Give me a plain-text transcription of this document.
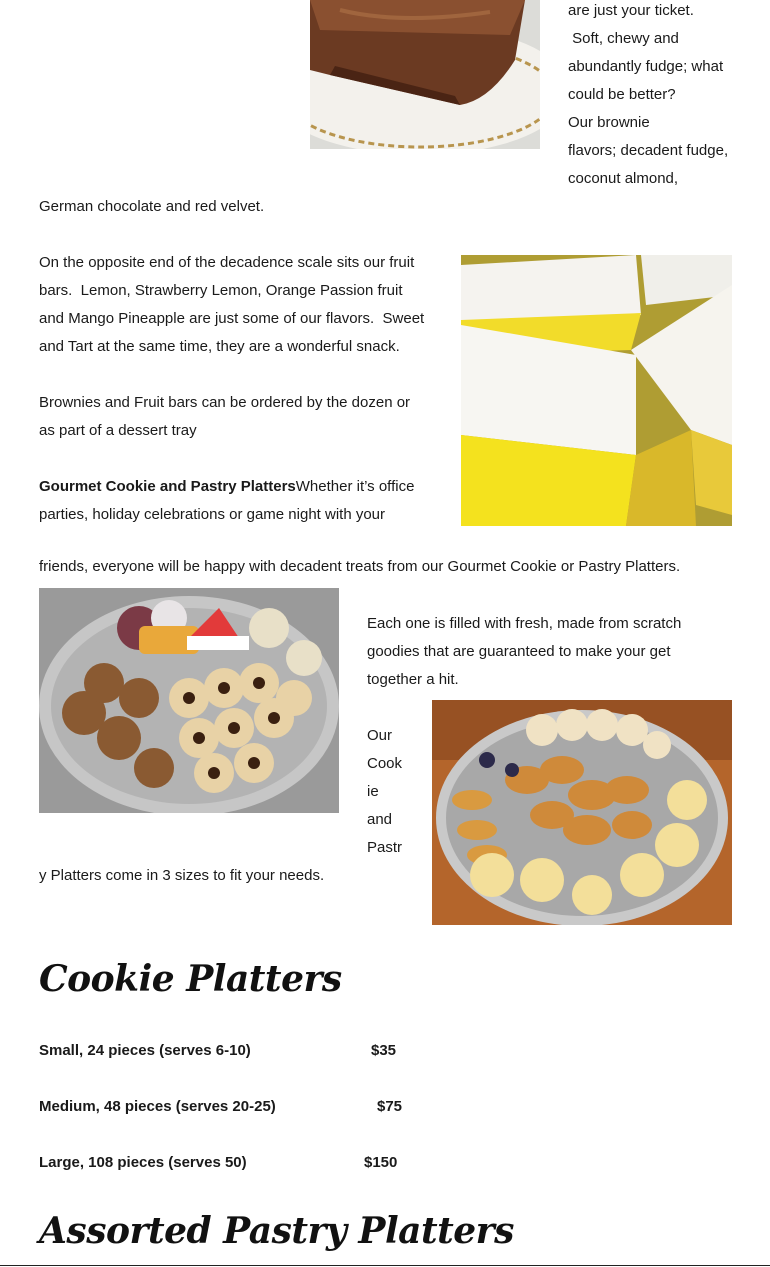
are just your ticket.
Soft, chewy and
abundantly fudge; what
could be better?
Our brownie
flavors; decadent fudge,
coconut almond,
German chocolate and red velvet.
On the opposite end of the decadence scale sits our fruit
bars.  Lemon, Strawberry Lemon, Orange Passion fruit
and Mango Pineapple are just some of our flavors.  Sweet
and Tart at the same time, they are a wonderful snack.
Brownies and Fruit bars can be ordered by the dozen or
as part of a dessert tray
Gourmet Cookie and Pastry PlattersWhether it’s office
parties, holiday celebrations or game night with your
friends, everyone will be happy with decadent treats from our Gourmet Cookie or Pastry Platters.
Each one is filled with fresh, made from scratch
goodies that are guaranteed to make your get
together a hit.
Our
Cook
ie
and
Pastr
y Platters come in 3 sizes to fit your needs.
Cookie Platters
Small, 24 pieces (serves 6-10)	$35
Medium, 48 pieces (serves 20-25)	$75
Large, 108 pieces (serves 50)	$150
Assorted Pastry Platters
